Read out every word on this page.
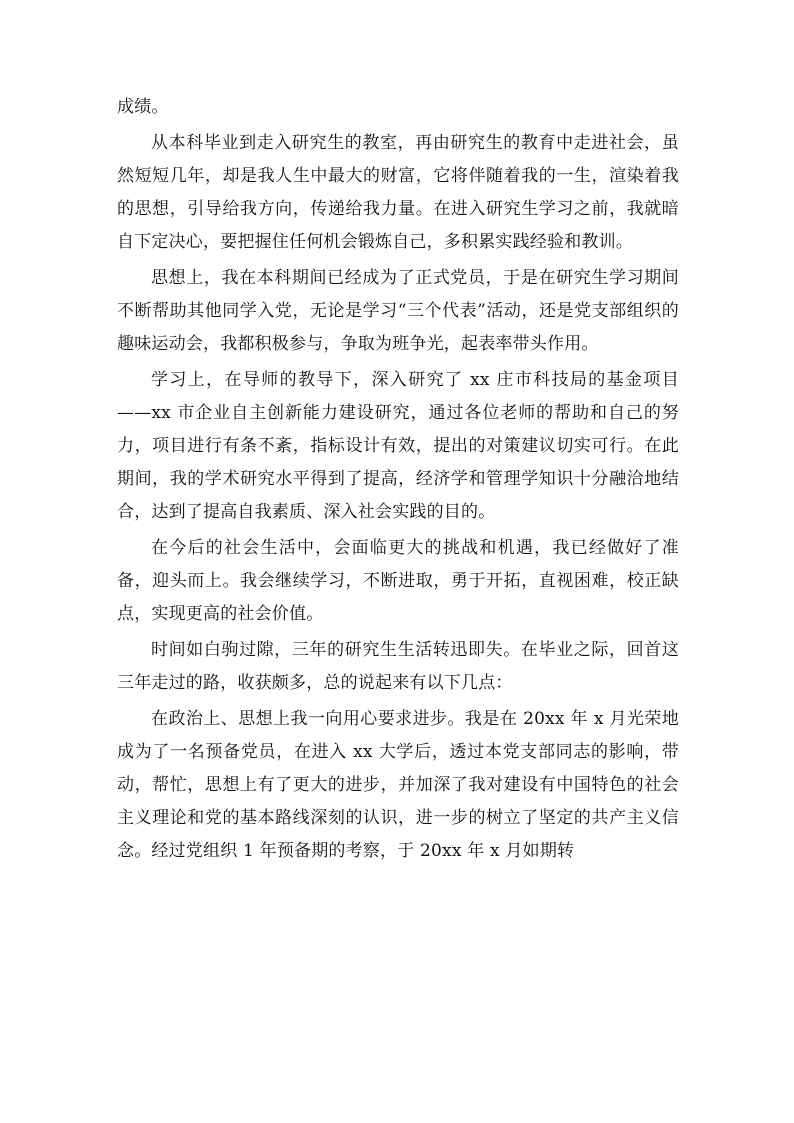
成绩。

从本科毕业到走入研究生的教室，再由研究生的教育中走进社会，虽然短短几年，却是我人生中最大的财富，它将伴随着我的一生，渲染着我的思想，引导给我方向，传递给我力量。在进入研究生学习之前，我就暗自下定决心，要把握住任何机会锻炼自己，多积累实践经验和教训。

思想上，我在本科期间已经成为了正式党员，于是在研究生学习期间不断帮助其他同学入党，无论是学习“三个代表”活动，还是党支部组织的趣味运动会，我都积极参与，争取为班争光，起表率带头作用。

学习上，在导师的教导下，深入研究了 xx 庄市科技局的基金项目——xx 市企业自主创新能力建设研究，通过各位老师的帮助和自己的努力，项目进行有条不紊，指标设计有效，提出的对策建议切实可行。在此期间，我的学术研究水平得到了提高，经济学和管理学知识十分融洽地结合，达到了提高自我素质、深入社会实践的目的。

在今后的社会生活中，会面临更大的挑战和机遇，我已经做好了准备，迎头而上。我会继续学习，不断进取，勇于开拓，直视困难，校正缺点，实现更高的社会价值。

时间如白驹过隙，三年的研究生生活转迅即失。在毕业之际，回首这三年走过的路，收获颇多，总的说起来有以下几点：

在政治上、思想上我一向用心要求进步。我是在 20xx 年 x 月光荣地成为了一名预备党员，在进入 xx 大学后，透过本党支部同志的影响，带动，帮忙，思想上有了更大的进步，并加深了我对建设有中国特色的社会主义理论和党的基本路线深刻的认识，进一步的树立了坚定的共产主义信念。经过党组织 1 年预备期的考察，于 20xx 年 x 月如期转
